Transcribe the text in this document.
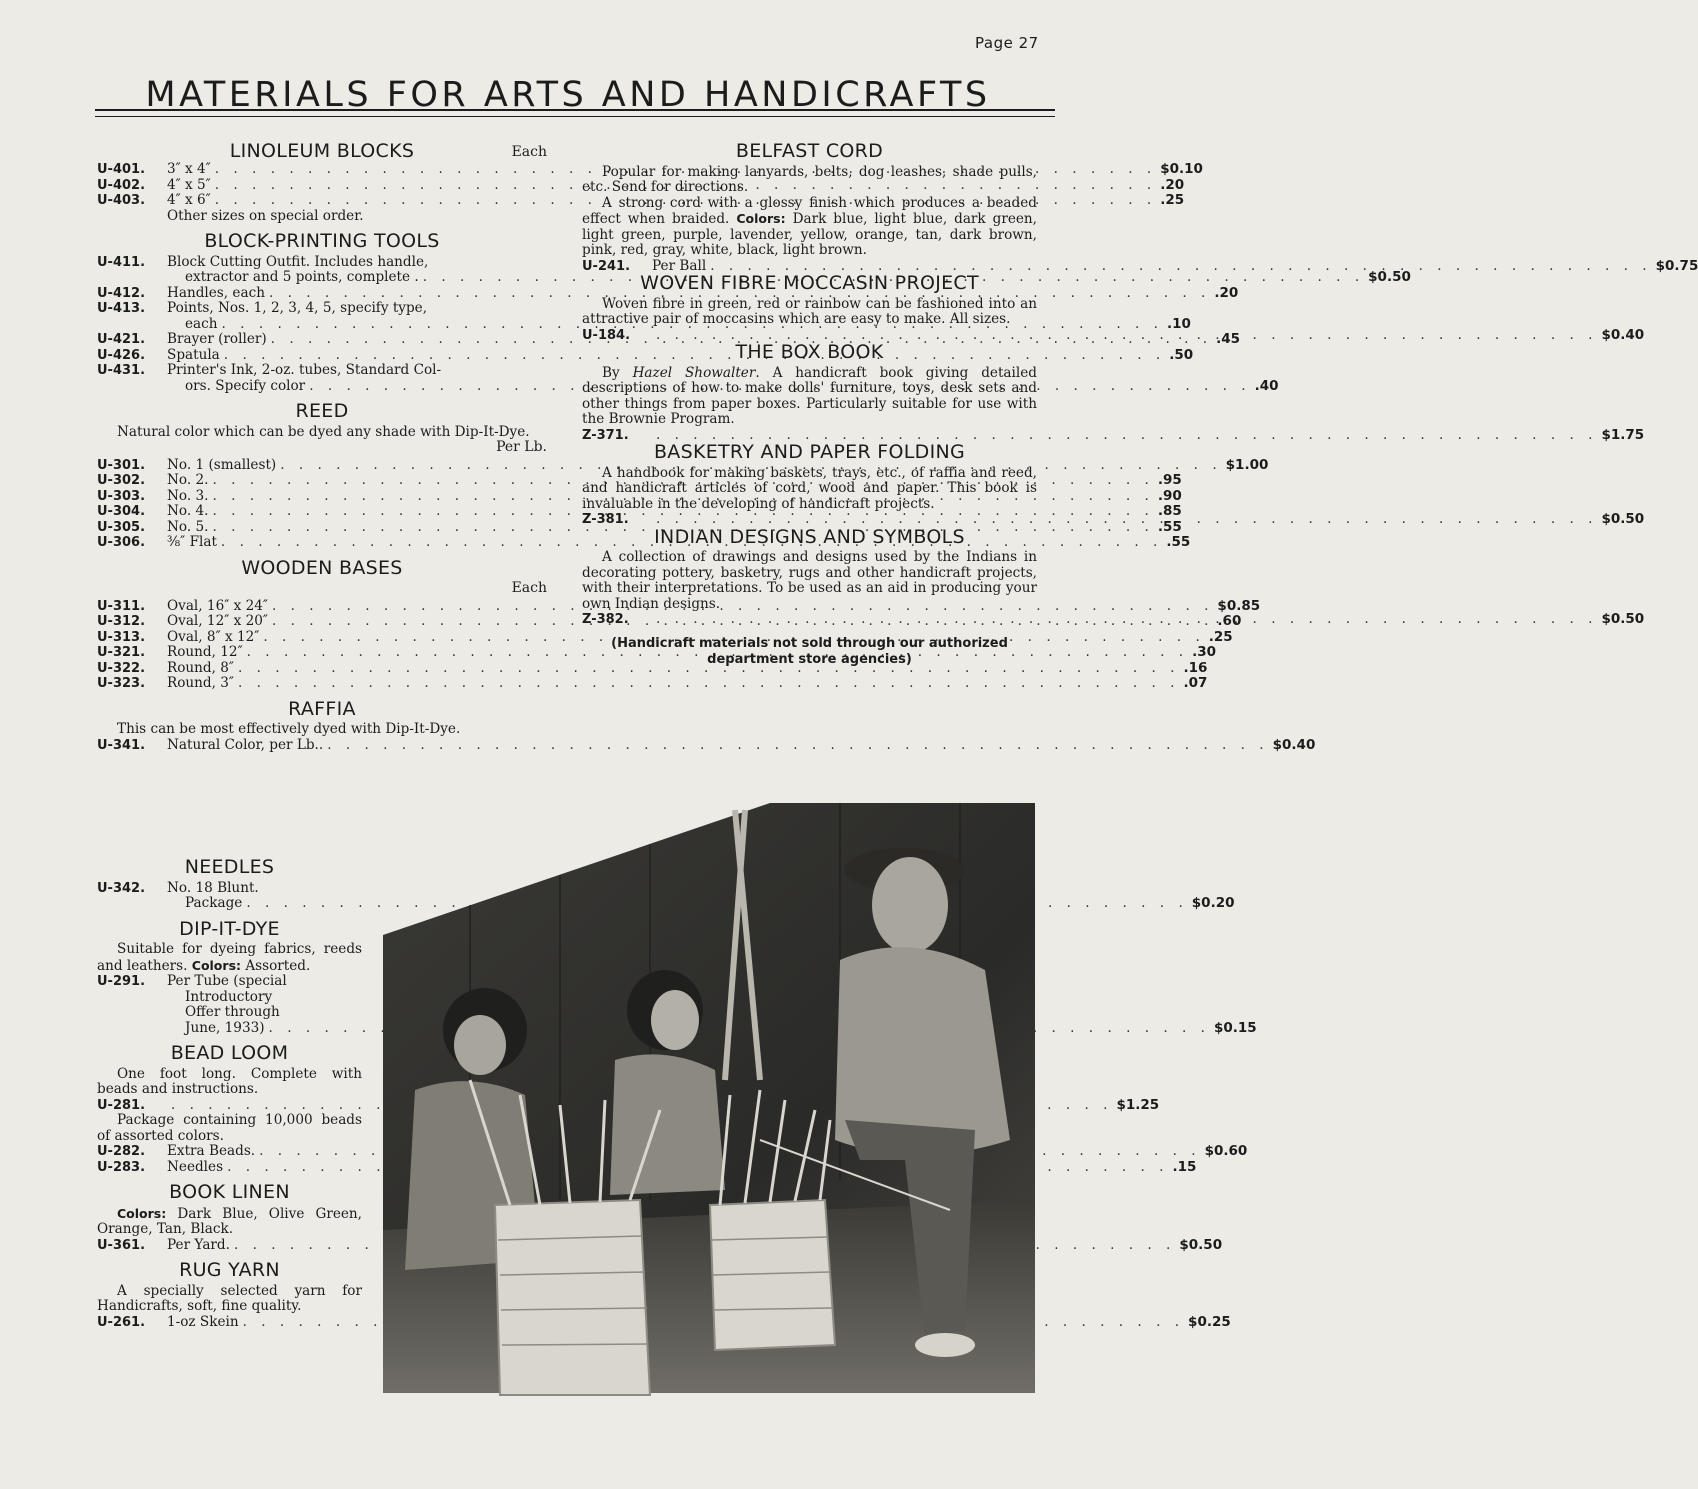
Page 27
MATERIALS FOR ARTS AND HANDICRAFTS
LINOLEUM BLOCKS	Each
U-401.	3″ x 4″ . . .	$0.10
U-402.	4″ x 5″ . . .	.20
U-403.	4″ x 6″ . . .	.25
Other sizes on special order.
BLOCK-PRINTING TOOLS
U-411.	Block Cutting Outfit. Includes handle,
extractor and 5 points, complete . . . .	$0.50
U-412.	Handles, each . . .	.20
U-413.	Points, Nos. 1, 2, 3, 4, 5, specify type,
each . . .	.10
U-421.	Brayer (roller) . . .	.45
U-426.	Spatula . . .	.50
U-431.	Printer's Ink, 2-oz. tubes, Standard Col-
ors. Specify color . . .	.40
REED

Natural color which can be dyed any shade with Dip-It-Dye.

Per Lb.
U-301.	No. 1 (smallest) . . .	$1.00
U-302.	No. 2. . . .	.95
U-303.	No. 3. . . .	.90
U-304.	No. 4. . . .	.85
U-305.	No. 5. . . .	.55
U-306.	⅜″ Flat . . .	.55
WOODEN BASES
Each
U-311.	Oval, 16″ x 24″ . . .	$0.85
U-312.	Oval, 12″ x 20″ . . .	.60
U-313.	Oval, 8″ x 12″ . . .	.25
U-321.	Round, 12″ . . .	.30
U-322.	Round, 8″ . . .	.16
U-323.	Round, 3″ . . .	.07
RAFFIA

This can be most effectively dyed with Dip-It-Dye.

U-341.	Natural Color, per Lb.. . . .	$0.40
NEEDLES
U-342.	No. 18 Blunt.
Package . . .	$0.20
DIP-IT-DYE

Suitable for dyeing fabrics, reeds and leathers. Colors: Assorted.

U-291.	Per Tube (special
Introductory
Offer through
June, 1933) . . .	$0.15
BEAD LOOM

One foot long. Complete with beads and instructions.

U-281. . . .	$1.25

Package containing 10,000 beads of assorted colors.

U-282.	Extra Beads. . . .	$0.60
U-283.	Needles . . .	.15
BOOK LINEN

Colors: Dark Blue, Olive Green, Orange, Tan, Black.

U-361.	Per Yard. . . .	$0.50
RUG YARN

A specially selected yarn for Handicrafts, soft, fine quality.

U-261.	1-oz Skein . . .	$0.25
BELFAST CORD

Popular for making lanyards, belts, dog leashes, shade pulls, etc. Send for directions.

A strong cord with a glossy finish which produces a beaded effect when braided. Colors: Dark blue, light blue, dark green, light green, purple, lavender, yellow, orange, tan, dark brown, pink, red, gray, white, black, light brown.

U-241.	Per Ball . . .	$0.75
WOVEN FIBRE MOCCASIN PROJECT

Woven fibre in green, red or rainbow can be fashioned into an attractive pair of moccasins which are easy to make. All sizes.

U-184. . . .	$0.40
THE BOX BOOK

By Hazel Showalter. A handicraft book giving detailed descriptions of how to make dolls' furniture, toys, desk sets and other things from paper boxes. Particularly suitable for use with the Brownie Program.

Z-371. . . .	$1.75
BASKETRY AND PAPER FOLDING

A handbook for making baskets, trays, etc., of raffia and reed, and handicraft articles of cord, wood and paper. This book is invaluable in the developing of handicraft projects.

Z-381. . . .	$0.50
INDIAN DESIGNS AND SYMBOLS

A collection of drawings and designs used by the Indians in decorating pottery, basketry, rugs and other handicraft projects, with their interpretations. To be used as an aid in producing your own Indian designs.

Z-382. . . .	$0.50
(Handicraft materials not sold through our authorized
department store agencies)
